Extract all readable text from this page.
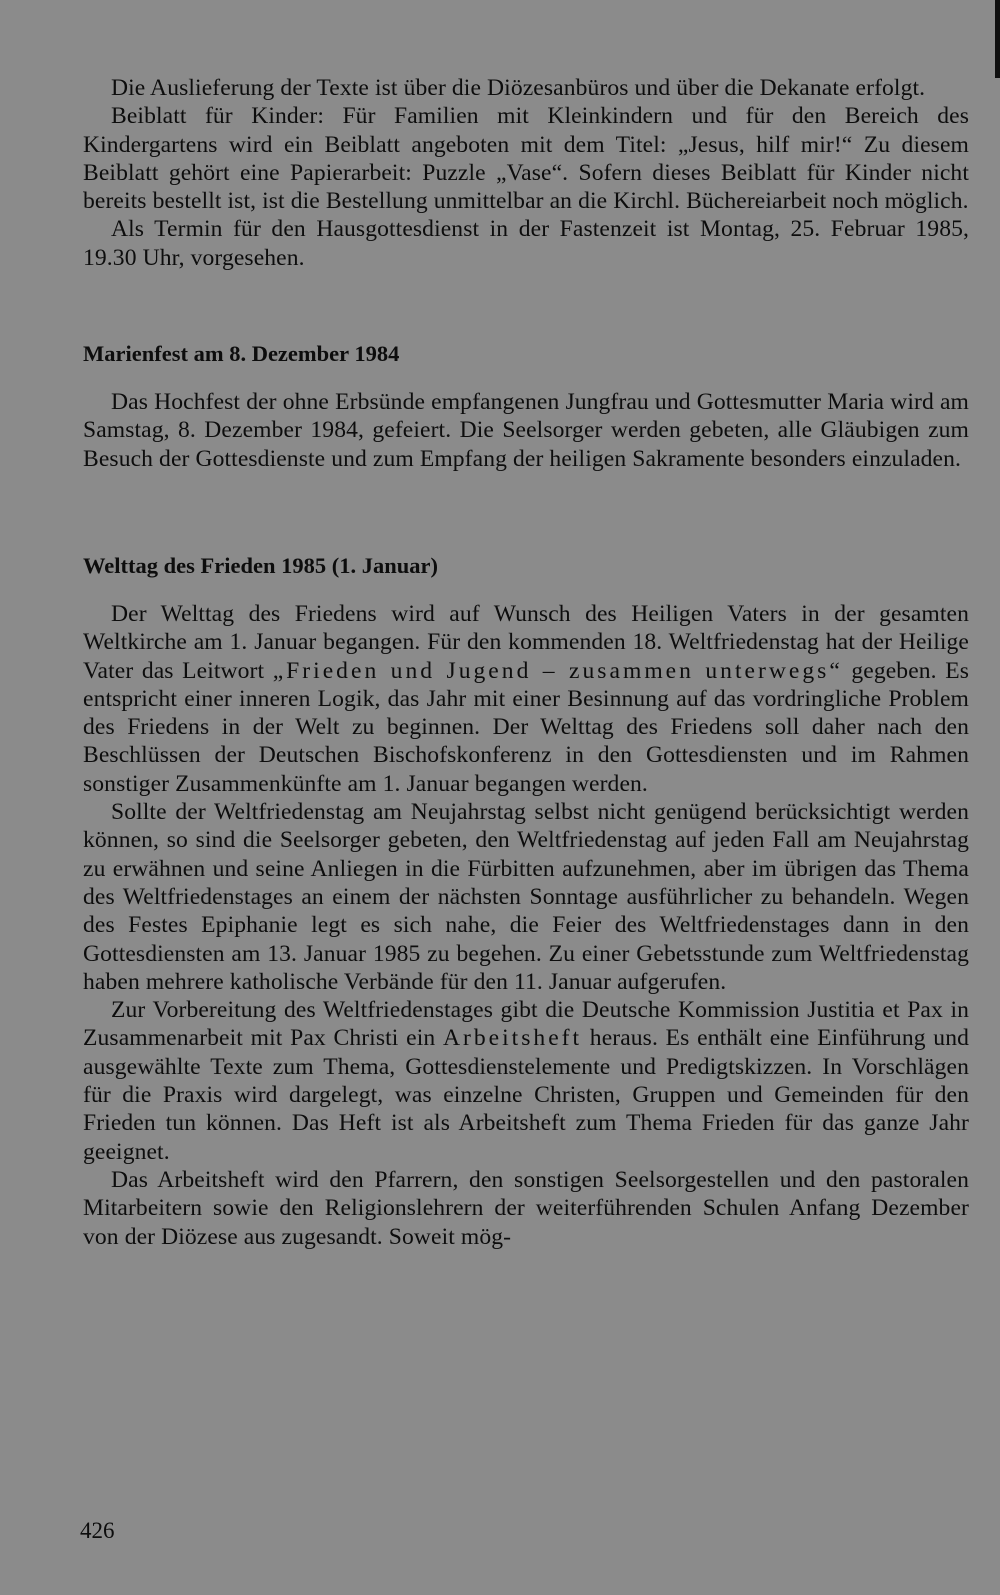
Die Auslieferung der Texte ist über die Diözesanbüros und über die Dekanate erfolgt.

Beiblatt für Kinder: Für Familien mit Kleinkindern und für den Bereich des Kindergartens wird ein Beiblatt angeboten mit dem Titel: „Jesus, hilf mir!“ Zu diesem Beiblatt gehört eine Papierarbeit: Puzzle „Vase“. Sofern dieses Beiblatt für Kinder nicht bereits bestellt ist, ist die Bestellung unmittelbar an die Kirchl. Büchereiarbeit noch möglich.

Als Termin für den Hausgottesdienst in der Fastenzeit ist Montag, 25. Februar 1985, 19.30 Uhr, vorgesehen.

Marienfest am 8. Dezember 1984

Das Hochfest der ohne Erbsünde empfangenen Jungfrau und Gottesmutter Maria wird am Samstag, 8. Dezember 1984, gefeiert. Die Seelsorger werden gebeten, alle Gläubigen zum Besuch der Gottesdienste und zum Empfang der heiligen Sakramente besonders einzuladen.

Welttag des Frieden 1985 (1. Januar)

Der Welttag des Friedens wird auf Wunsch des Heiligen Vaters in der gesamten Weltkirche am 1. Januar begangen. Für den kommenden 18. Weltfriedenstag hat der Heilige Vater das Leitwort „Frieden und Jugend – zusammen unterwegs“ gegeben. Es entspricht einer inneren Logik, das Jahr mit einer Besinnung auf das vordringliche Problem des Friedens in der Welt zu beginnen. Der Welttag des Friedens soll daher nach den Beschlüssen der Deutschen Bischofskonferenz in den Gottesdiensten und im Rahmen sonstiger Zusammenkünfte am 1. Januar begangen werden.

Sollte der Weltfriedenstag am Neujahrstag selbst nicht genügend berücksichtigt werden können, so sind die Seelsorger gebeten, den Weltfriedenstag auf jeden Fall am Neujahrstag zu erwähnen und seine Anliegen in die Fürbitten aufzunehmen, aber im übrigen das Thema des Weltfriedenstages an einem der nächsten Sonntage ausführlicher zu behandeln. Wegen des Festes Epiphanie legt es sich nahe, die Feier des Weltfriedenstages dann in den Gottesdiensten am 13. Januar 1985 zu begehen. Zu einer Gebetsstunde zum Weltfriedenstag haben mehrere katholische Verbände für den 11. Januar aufgerufen.

Zur Vorbereitung des Weltfriedenstages gibt die Deutsche Kommission Justitia et Pax in Zusammenarbeit mit Pax Christi ein Arbeitsheft heraus. Es enthält eine Einführung und ausgewählte Texte zum Thema, Gottesdienstelemente und Predigtskizzen. In Vorschlägen für die Praxis wird dargelegt, was einzelne Christen, Gruppen und Gemeinden für den Frieden tun können. Das Heft ist als Arbeitsheft zum Thema Frieden für das ganze Jahr geeignet.

Das Arbeitsheft wird den Pfarrern, den sonstigen Seelsorgestellen und den pastoralen Mitarbeitern sowie den Religionslehrern der weiterführenden Schulen Anfang Dezember von der Diözese aus zugesandt. Soweit mög-

426
